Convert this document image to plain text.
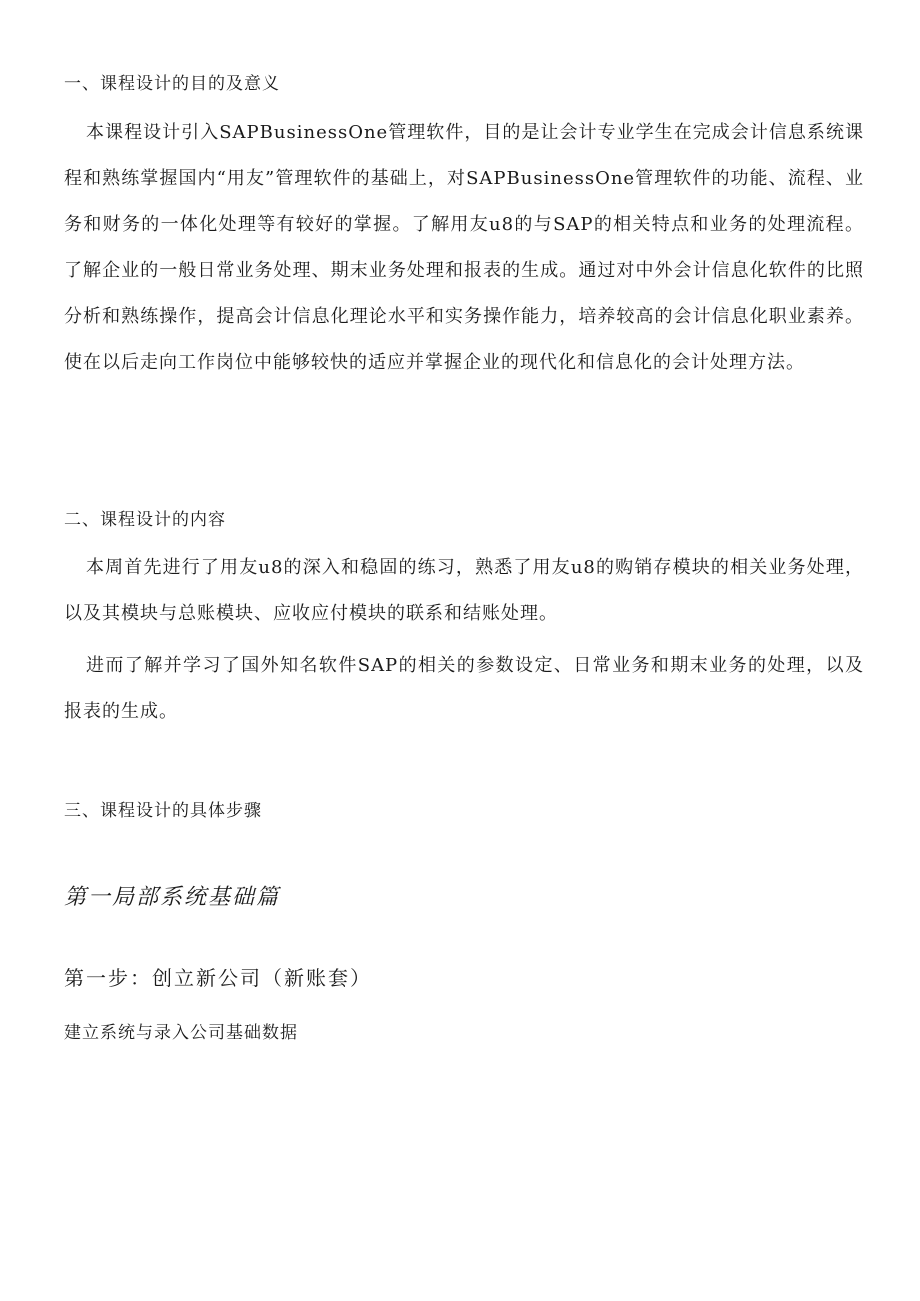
一、课程设计的目的及意义

本课程设计引入SAPBusinessOne管理软件，目的是让会计专业学生在完成会计信息系统课程和熟练掌握国内“用友”管理软件的基础上，对SAPBusinessOne管理软件的功能、流程、业务和财务的一体化处理等有较好的掌握。了解用友u8的与SAP的相关特点和业务的处理流程。了解企业的一般日常业务处理、期末业务处理和报表的生成。通过对中外会计信息化软件的比照分析和熟练操作，提高会计信息化理论水平和实务操作能力，培养较高的会计信息化职业素养。使在以后走向工作岗位中能够较快的适应并掌握企业的现代化和信息化的会计处理方法。

二、课程设计的内容

本周首先进行了用友u8的深入和稳固的练习，熟悉了用友u8的购销存模块的相关业务处理，以及其模块与总账模块、应收应付模块的联系和结账处理。

进而了解并学习了国外知名软件SAP的相关的参数设定、日常业务和期末业务的处理，以及报表的生成。

三、课程设计的具体步骤
第一局部系统基础篇
第一步：创立新公司（新账套）
建立系统与录入公司基础数据
